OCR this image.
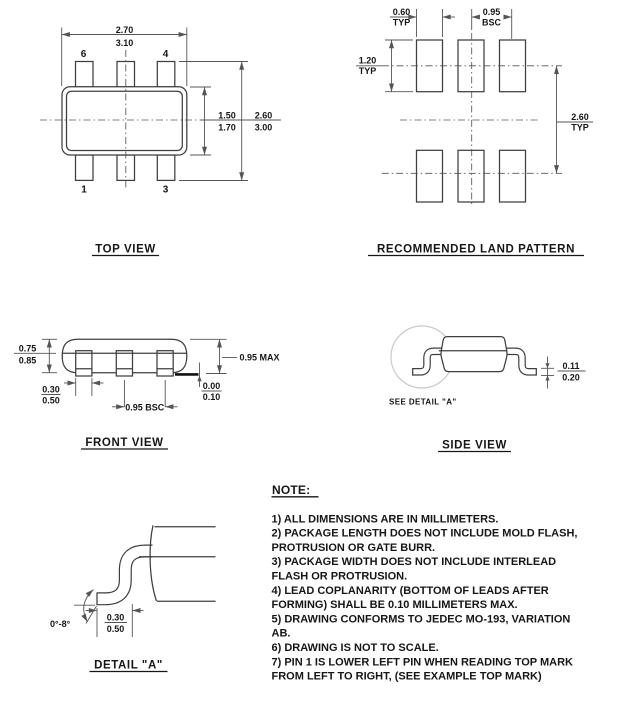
2.70
3.10
1.50
1.70
2.60
3.00
6	4
1	3
TOP VIEW
0.60
TYP
0.95
BSC
1.20
TYP
2.60
TYP
RECOMMENDED LAND PATTERN
0.75
0.85	0.95 MAX
0.00
0.10
0.30
0.50
0.95 BSC
FRONT VIEW
0.11
0.20
SEE DETAIL "A"
SIDE VIEW
0°-8°
0.30
0.50
DETAIL "A"
NOTE:
1) ALL DIMENSIONS ARE IN MILLIMETERS.
2) PACKAGE LENGTH DOES NOT INCLUDE MOLD FLASH,
PROTRUSION OR GATE BURR.
3) PACKAGE WIDTH DOES NOT INCLUDE INTERLEAD
FLASH OR PROTRUSION.
4) LEAD COPLANARITY (BOTTOM OF LEADS AFTER
FORMING) SHALL BE 0.10 MILLIMETERS MAX.
5) DRAWING CONFORMS TO JEDEC MO-193, VARIATION
AB.
6) DRAWING IS NOT TO SCALE.
7) PIN 1 IS LOWER LEFT PIN WHEN READING TOP MARK
FROM LEFT TO RIGHT, (SEE EXAMPLE TOP MARK)
